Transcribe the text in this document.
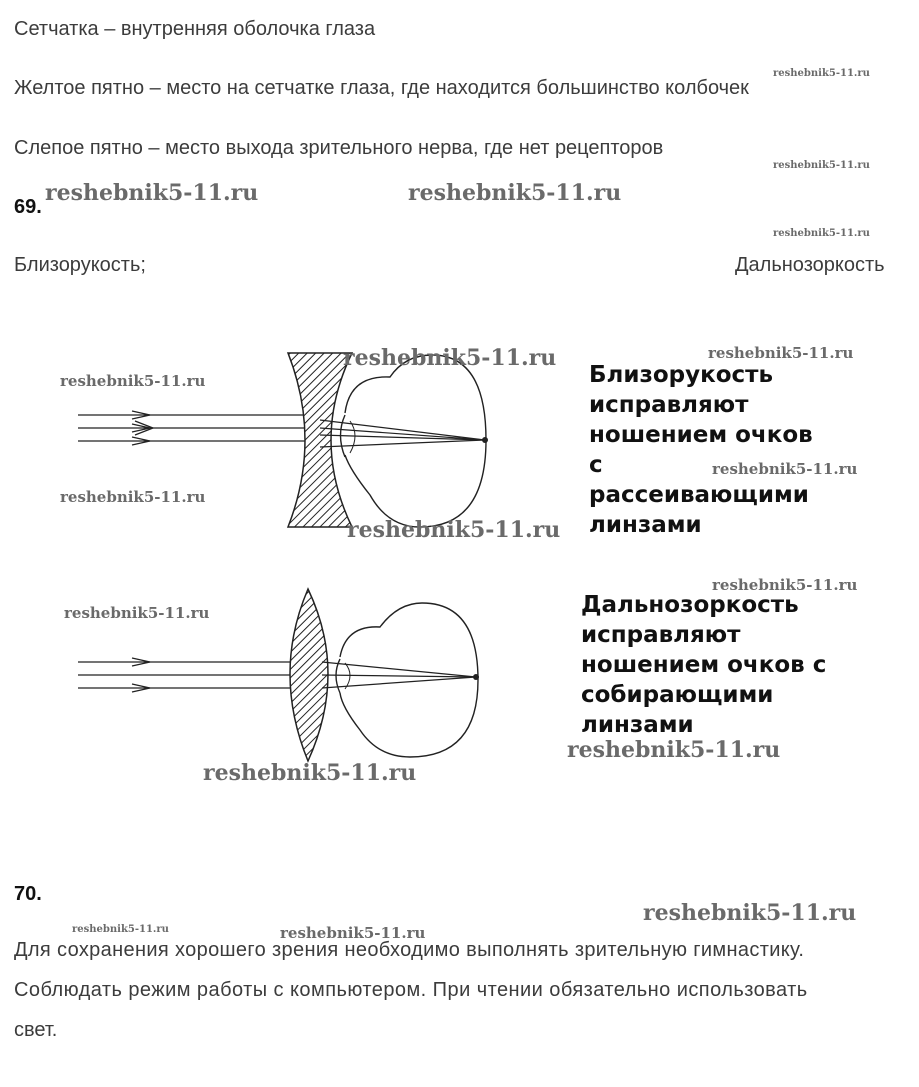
Сетчатка – внутренняя оболочка глаза
Желтое пятно – место на сетчатке глаза, где находится большинство колбочек
Слепое пятно – место выхода зрительного нерва, где нет рецепторов
69.
Близорукость;	Дальнозоркость
Близорукость
исправляют
ношением очков
с
рассеивающими
линзами
Дальнозоркость
исправляют
ношением очков с
собирающими
линзами
70.
Для сохранения хорошего зрения необходимо выполнять зрительную гимнастику.
Соблюдать режим работы с компьютером. При чтении обязательно использовать
свет.
reshebnik5-11.ru
reshebnik5-11.ru
reshebnik5-11.ru	reshebnik5-11.ru
reshebnik5-11.ru
reshebnik5-11.ru	reshebnik5-11.ru
reshebnik5-11.ru
reshebnik5-11.ru
reshebnik5-11.ru
reshebnik5-11.ru
reshebnik5-11.ru
reshebnik5-11.ru
reshebnik5-11.ru
reshebnik5-11.ru
reshebnik5-11.ru
reshebnik5-11.ru	reshebnik5-11.ru
